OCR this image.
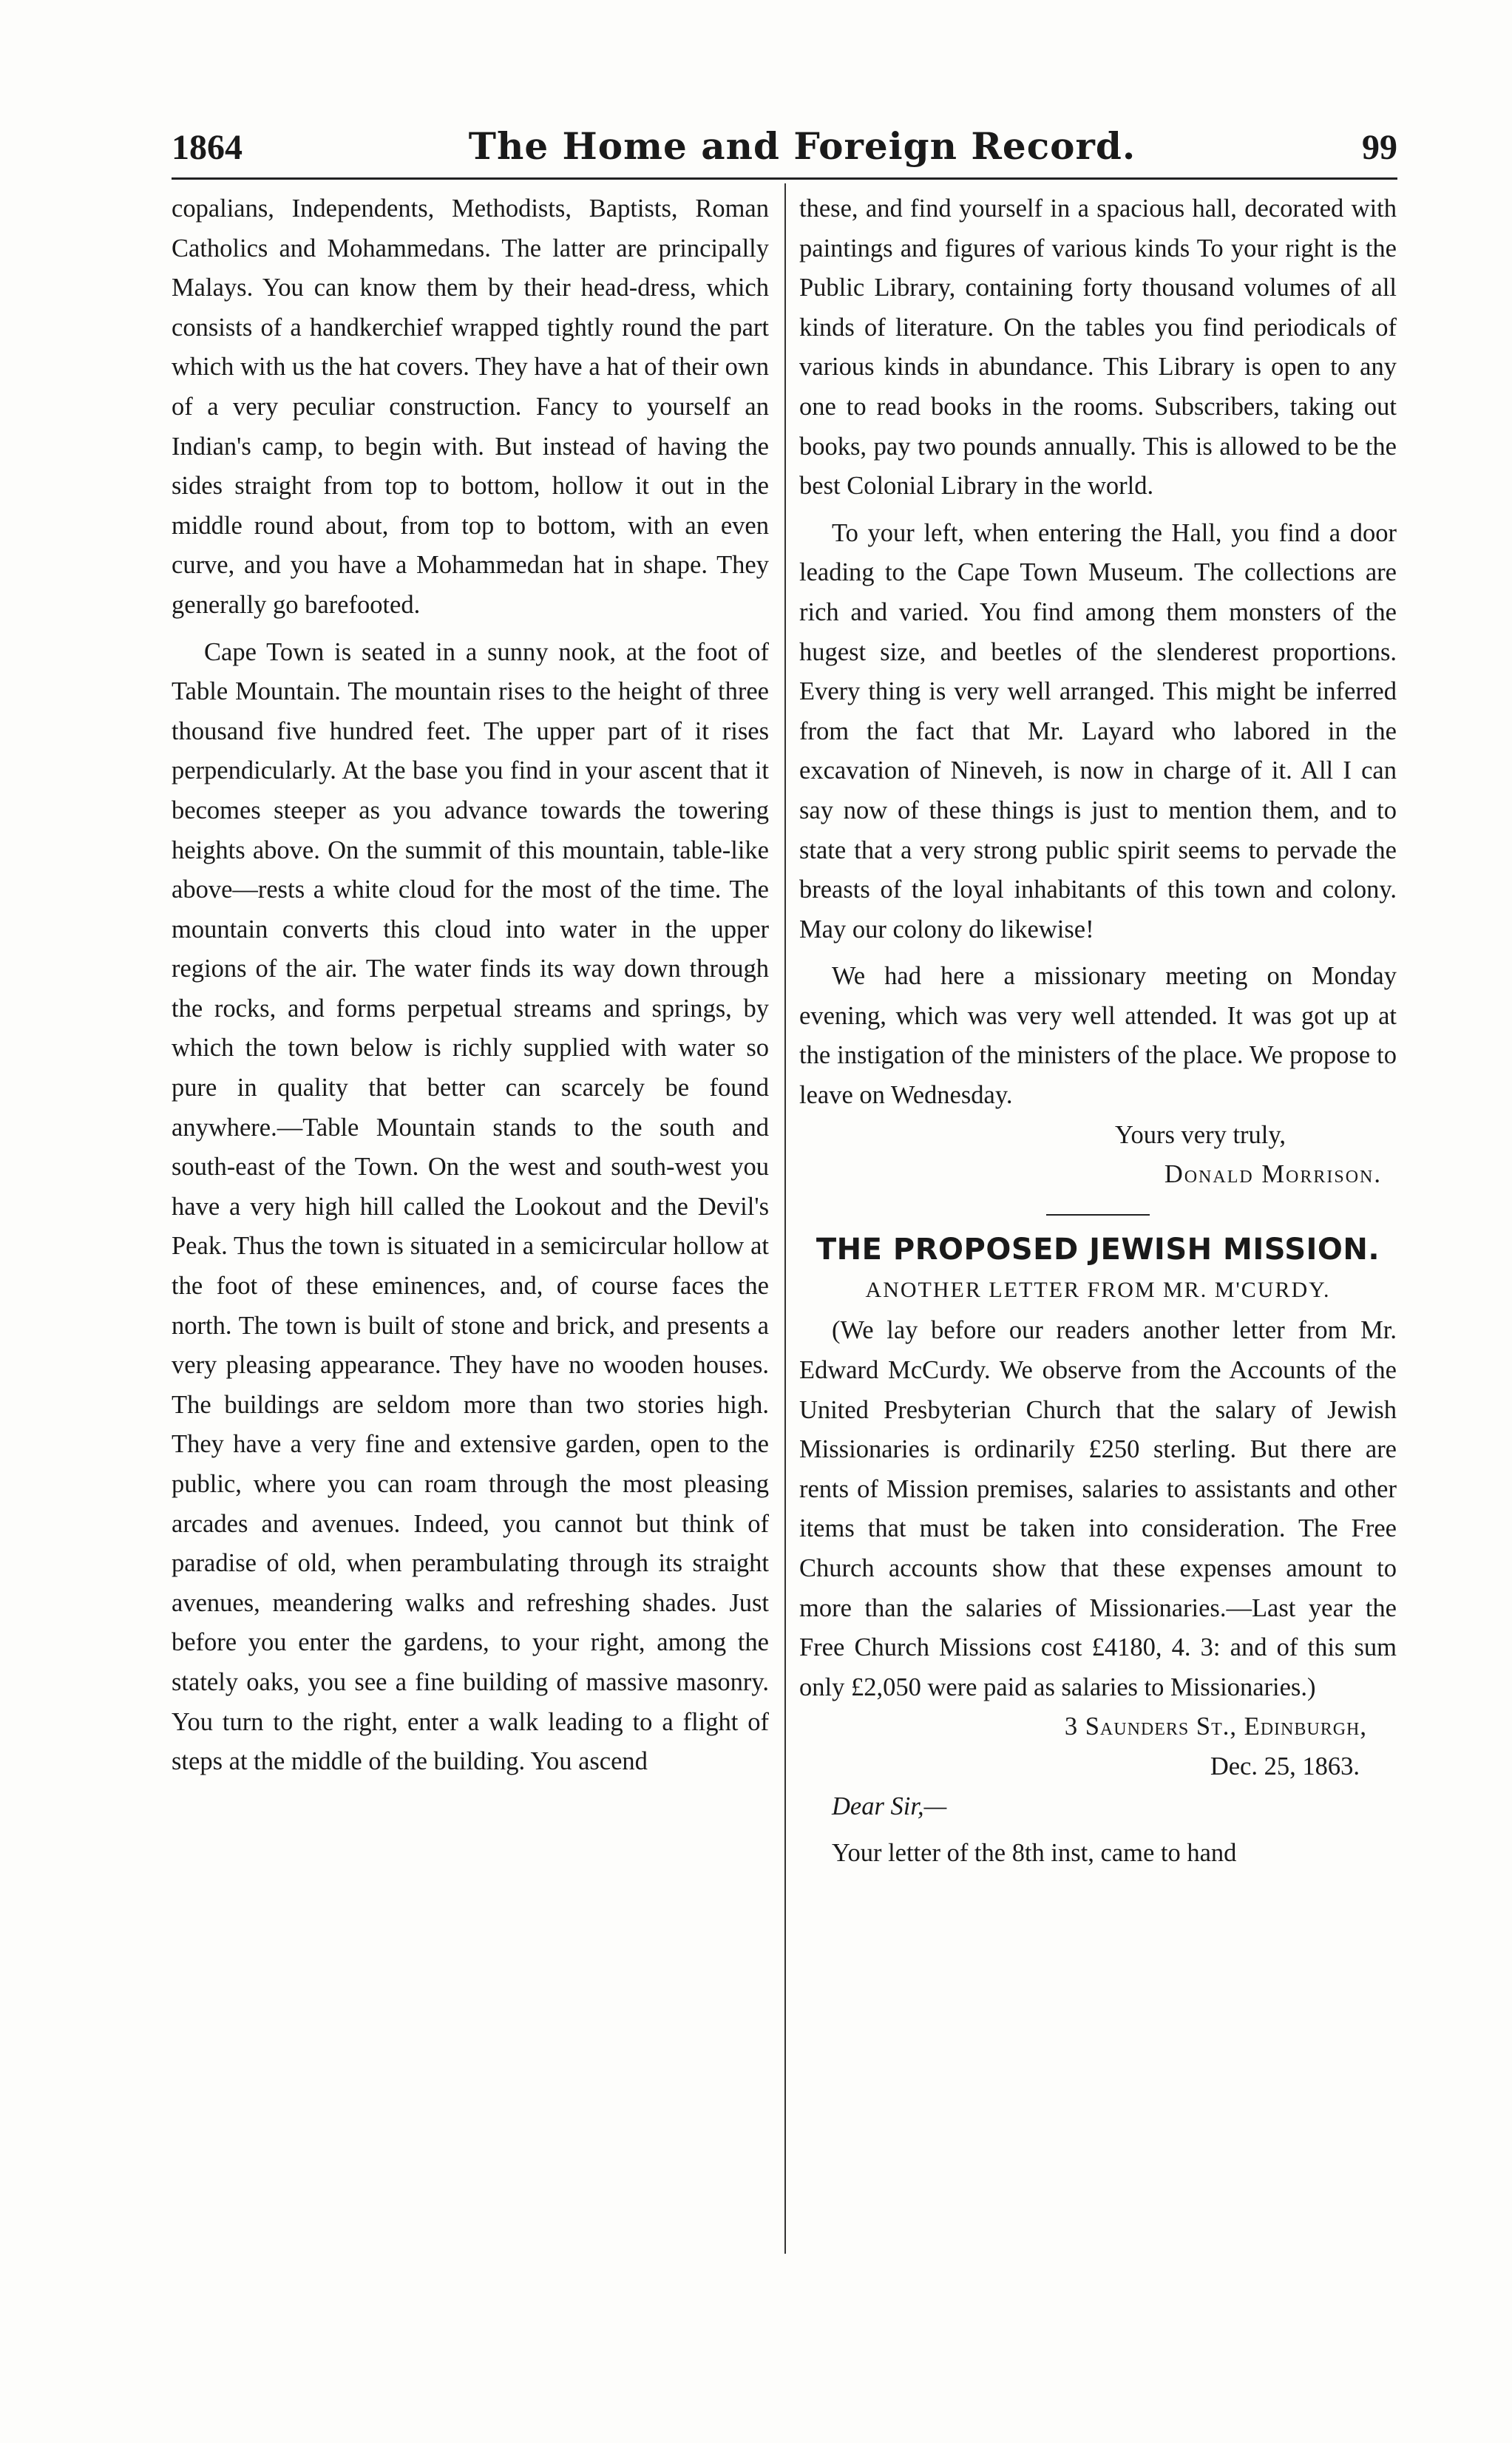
1864	The Home and Foreign Record.	99

copalians, Independents, Methodists, Baptists, Roman Catholics and Mohammedans. The latter are principally Malays. You can know them by their head-dress, which consists of a handkerchief wrapped tightly round the part which with us the hat covers. They have a hat of their own of a very peculiar construction. Fancy to yourself an Indian's camp, to begin with. But instead of having the sides straight from top to bottom, hollow it out in the middle round about, from top to bottom, with an even curve, and you have a Mohammedan hat in shape. They generally go barefooted.

Cape Town is seated in a sunny nook, at the foot of Table Mountain. The mountain rises to the height of three thousand five hundred feet. The upper part of it rises perpendicularly. At the base you find in your ascent that it becomes steeper as you advance towards the towering heights above. On the summit of this mountain, table-like above—rests a white cloud for the most of the time. The mountain converts this cloud into water in the upper regions of the air. The water finds its way down through the rocks, and forms perpetual streams and springs, by which the town below is richly supplied with water so pure in quality that better can scarcely be found anywhere.—Table Mountain stands to the south and south-east of the Town. On the west and south-west you have a very high hill called the Lookout and the Devil's Peak. Thus the town is situated in a semicircular hollow at the foot of these eminences, and, of course faces the north. The town is built of stone and brick, and presents a very pleasing appearance. They have no wooden houses. The buildings are seldom more than two stories high. They have a very fine and extensive garden, open to the public, where you can roam through the most pleasing arcades and avenues. Indeed, you cannot but think of paradise of old, when perambulating through its straight avenues, meandering walks and refreshing shades. Just before you enter the gardens, to your right, among the stately oaks, you see a fine building of massive masonry. You turn to the right, enter a walk leading to a flight of steps at the middle of the building. You ascend

these, and find yourself in a spacious hall, decorated with paintings and figures of various kinds To your right is the Public Library, containing forty thousand volumes of all kinds of literature. On the tables you find periodicals of various kinds in abundance. This Library is open to any one to read books in the rooms. Subscribers, taking out books, pay two pounds annually. This is allowed to be the best Colonial Library in the world.

To your left, when entering the Hall, you find a door leading to the Cape Town Museum. The collections are rich and varied. You find among them monsters of the hugest size, and beetles of the slenderest proportions. Every thing is very well arranged. This might be inferred from the fact that Mr. Layard who labored in the excavation of Nineveh, is now in charge of it. All I can say now of these things is just to mention them, and to state that a very strong public spirit seems to pervade the breasts of the loyal inhabitants of this town and colony. May our colony do likewise!

We had here a missionary meeting on Monday evening, which was very well attended. It was got up at the instigation of the ministers of the place. We propose to leave on Wednesday.

Yours very truly,
Donald Morrison.
THE PROPOSED JEWISH MISSION.
ANOTHER LETTER FROM MR. M'CURDY.

(We lay before our readers another letter from Mr. Edward McCurdy. We observe from the Accounts of the United Presbyterian Church that the salary of Jewish Missionaries is ordinarily £250 sterling. But there are rents of Mission premises, salaries to assistants and other items that must be taken into consideration. The Free Church accounts show that these expenses amount to more than the salaries of Missionaries.—Last year the Free Church Missions cost £4180, 4. 3: and of this sum only £2,050 were paid as salaries to Missionaries.)

3 Saunders St., Edinburgh,
Dec. 25, 1863.

Dear Sir,—

Your letter of the 8th inst, came to hand
